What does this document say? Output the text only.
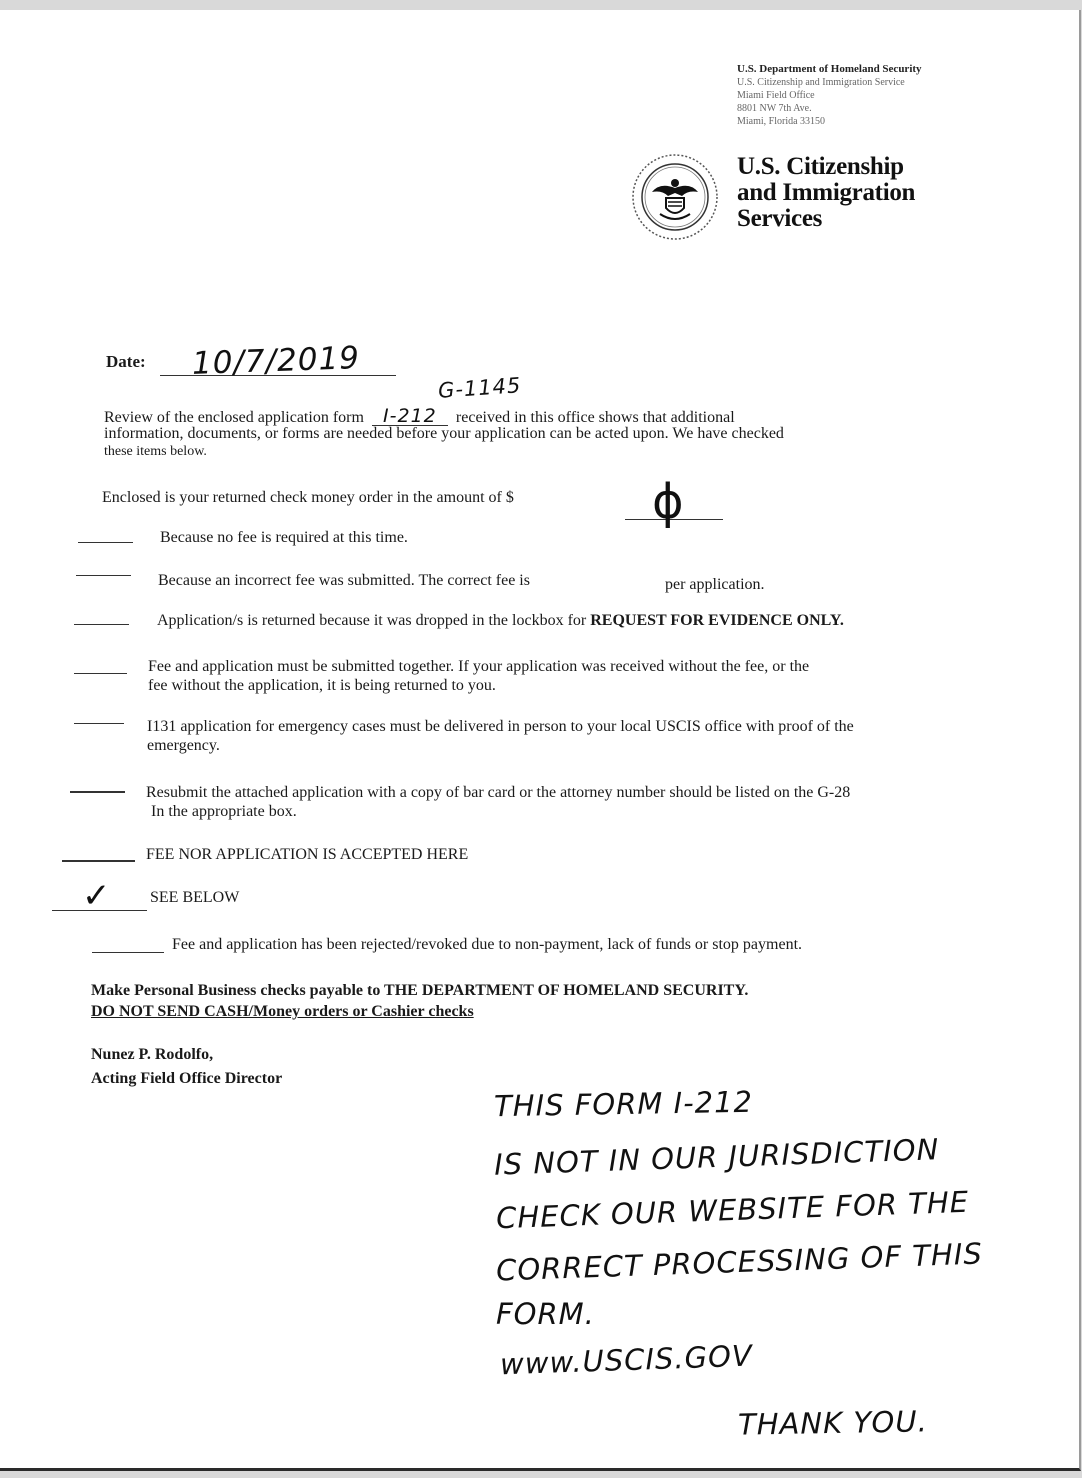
U.S. Department of Homeland Security
U.S. Citizenship and Immigration Service
Miami Field Office
8801 NW 7th Ave.
Miami, Florida 33150
U.S. Citizenship
and Immigration
Services
Date: 10/7/2019
G-1145
Review of the enclosed application form I-212 received in this office shows that additional
information, documents, or forms are needed before your application can be acted upon. We have checked
these items below.
Enclosed is your returned check money order in the amount of $	ϕ
Because no fee is required at this time.
Because an incorrect fee was submitted. The correct fee is	per application.
Application/s is returned because it was dropped in the lockbox for REQUEST FOR EVIDENCE ONLY.
Fee and application must be submitted together. If your application was received without the fee, or the
fee without the application, it is being returned to you.
I131 application for emergency cases must be delivered in person to your local USCIS office with proof of the
emergency.
Resubmit the attached application with a copy of bar card or the attorney number should be listed on the G-28
In the appropriate box.
FEE NOR APPLICATION IS ACCEPTED HERE
✓ SEE BELOW
Fee and application has been rejected/revoked due to non-payment, lack of funds or stop payment.
Make Personal Business checks payable to THE DEPARTMENT OF HOMELAND SECURITY.
DO NOT SEND CASH/Money orders or Cashier checks
Nunez P. Rodolfo,
Acting Field Office Director
THIS FORM I-212
IS NOT IN OUR JURISDICTION
CHECK OUR WEBSITE FOR THE
CORRECT PROCESSING OF THIS
FORM.
www.USCIS.GOV
THANK YOU.
